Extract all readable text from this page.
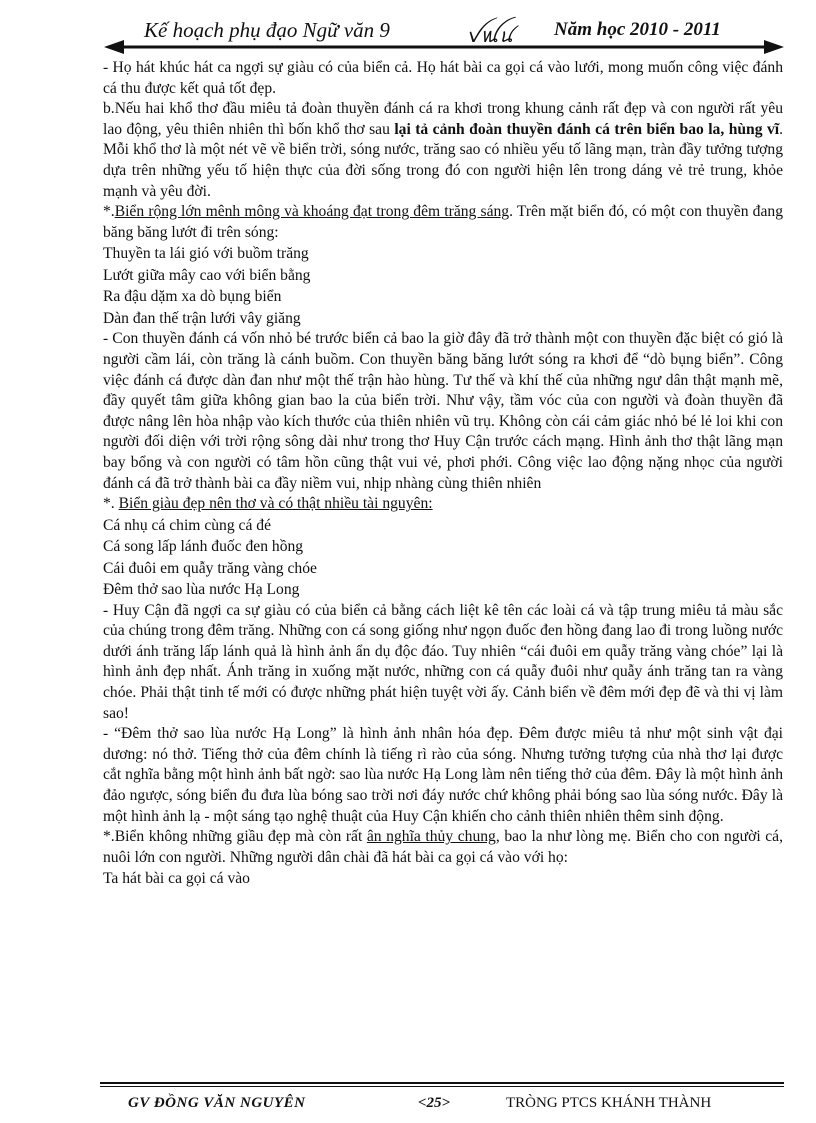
Kế hoạch phụ đạo Ngữ văn 9	ꪜꪡꪙ Năm học 2010 - 2011

- Họ hát khúc hát ca ngợi sự giàu có của biển cả. Họ hát bài ca gọi cá vào lưới, mong muốn công việc đánh cá thu được kết quả tốt đẹp.

b.Nếu hai khổ thơ đầu miêu tả đoàn thuyền đánh cá ra khơi trong khung cảnh rất đẹp và con người rất yêu lao động, yêu thiên nhiên thì bốn khổ thơ sau lại tả cảnh đoàn thuyền đánh cá trên biển bao la, hùng vĩ. Mỗi khổ thơ là một nét vẽ về biển trời, sóng nước, trăng sao có nhiều yếu tố lãng mạn, tràn đầy tưởng tượng dựa trên những yếu tố hiện thực của đời sống trong đó con người hiện lên trong dáng vẻ trẻ trung, khỏe mạnh và yêu đời.

*.Biển rộng lớn mênh mông và khoáng đạt trong đêm trăng sáng. Trên mặt biển đó, có một con thuyền đang băng băng lướt đi trên sóng:

Thuyền ta lái gió với buồm trăng

Lướt giữa mây cao với biển bằng

Ra đậu dặm xa dò bụng biển

Dàn đan thế trận lưới vây giăng

- Con thuyền đánh cá vốn nhỏ bé trước biển cả bao la giờ đây đã trở thành một con thuyền đặc biệt có gió là người cầm lái, còn trăng là cánh buồm. Con thuyền băng băng lướt sóng ra khơi để “dò bụng biển”. Công việc đánh cá được dàn đan như một thế trận hào hùng. Tư thế và khí thế của những ngư dân thật mạnh mẽ, đầy quyết tâm giữa không gian bao la của biển trời. Như vậy, tầm vóc của con người và đoàn thuyền đã được nâng lên hòa nhập vào kích thước của thiên nhiên vũ trụ. Không còn cái cảm giác nhỏ bé lẻ loi khi con người đối diện với trời rộng sông dài như trong thơ Huy Cận trước cách mạng. Hình ảnh thơ thật lãng mạn bay bổng và con người có tâm hồn cũng thật vui vẻ, phơi phới. Công việc lao động nặng nhọc của người đánh cá đã trở thành bài ca đầy niềm vui, nhịp nhàng cùng thiên nhiên

*. Biển giàu đẹp nên thơ và có thật nhiều tài nguyên:

Cá nhụ cá chim cùng cá đé

Cá song lấp lánh đuốc đen hồng

Cái đuôi em quẫy trăng vàng chóe

Đêm thở sao lùa nước Hạ Long

- Huy Cận đã ngợi ca sự giàu có của biển cả bằng cách liệt kê tên các loài cá và tập trung miêu tả màu sắc của chúng trong đêm trăng. Những con cá song giống như ngọn đuốc đen hồng đang lao đi trong luồng nước dưới ánh trăng lấp lánh quả là hình ảnh ẩn dụ độc đáo. Tuy nhiên “cái đuôi em quẫy trăng vàng chóe” lại là hình ảnh đẹp nhất. Ánh trăng in xuống mặt nước, những con cá quẫy đuôi như quẫy ánh trăng tan ra vàng chóe. Phải thật tinh tế mới có được những phát hiện tuyệt vời ấy. Cảnh biển về đêm mới đẹp đẽ và thi vị làm sao!

- “Đêm thở sao lùa nước Hạ Long” là hình ảnh nhân hóa đẹp. Đêm được miêu tả như một sinh vật đại dương: nó thở. Tiếng thở của đêm chính là tiếng rì rào của sóng. Nhưng tưởng tượng của nhà thơ lại được cắt nghĩa bằng một hình ảnh bất ngờ: sao lùa nước Hạ Long làm nên tiếng thở của đêm. Đây là một hình ảnh đảo ngược, sóng biển đu đưa lùa bóng sao trời nơi đáy nước chứ không phải bóng sao lùa sóng nước. Đây là một hình ảnh lạ - một sáng tạo nghệ thuật của Huy Cận khiến cho cảnh thiên nhiên thêm sinh động.

*.Biển không những giầu đẹp mà còn rất ân nghĩa thủy chung, bao la như lòng mẹ. Biển cho con người cá, nuôi lớn con người. Những người dân chài đã hát bài ca gọi cá vào với họ:

Ta hát bài ca gọi cá vào

GV ĐỒNG VĂN NGUYÊN	<25>	TRÒNG PTCS KHÁNH THÀNH
